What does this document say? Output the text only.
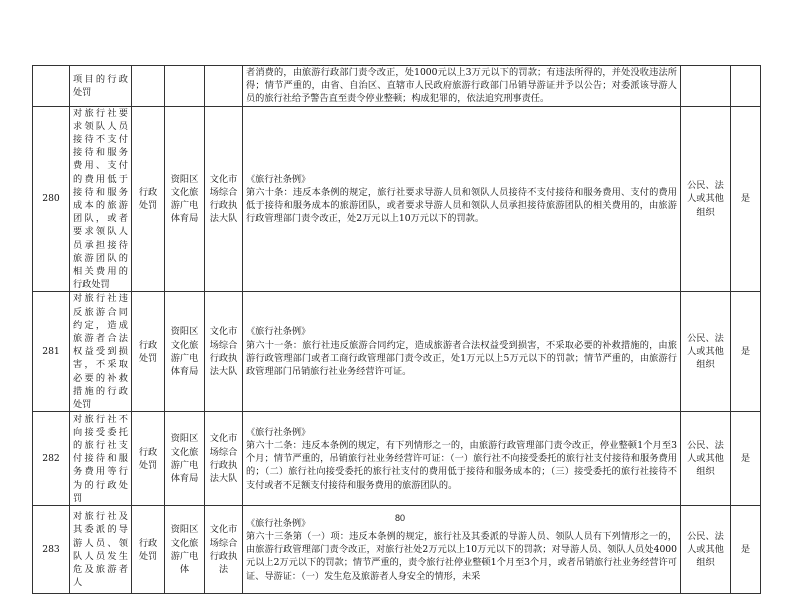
	项目的行政处罚				者消费的，由旅游行政部门责令改正，处1000元以上3万元以下的罚款；有违法所得的，并处没收违法所得；情节严重的，由省、自治区、直辖市人民政府旅游行政部门吊销导游证并予以公告；对委派该导游人员的旅行社给予警告直至责令停业整顿；构成犯罪的，依法追究刑事责任。		

280	对旅行社要求领队人员接待不支付接待和服务费用、支付的费用低于接待和服务成本的旅游团队，或者要求领队人员承担接待旅游团队的相关费用的行政处罚	行政处罚	资阳区文化旅游广电体育局	文化市场综合行政执法大队	《旅行社条例》
第六十条：违反本条例的规定，旅行社要求导游人员和领队人员接待不支付接待和服务费用、支付的费用低于接待和服务成本的旅游团队，或者要求导游人员和领队人员承担接待旅游团队的相关费用的，由旅游行政管理部门责令改正，处2万元以上10万元以下的罚款。	公民、法人或其他组织	是
281	对旅行社违反旅游合同约定，造成旅游者合法权益受到损害，不采取必要的补救措施的行政处罚	行政处罚	资阳区文化旅游广电体育局	文化市场综合行政执法大队	《旅行社条例》
第六十一条：旅行社违反旅游合同约定，造成旅游者合法权益受到损害，不采取必要的补救措施的，由旅游行政管理部门或者工商行政管理部门责令改正，处1万元以上5万元以下的罚款；情节严重的，由旅游行政管理部门吊销旅行社业务经营许可证。	公民、法人或其他组织	是
282	对旅行社不向接受委托的旅行社支付接待和服务费用等行为的行政处罚	行政处罚	资阳区文化旅游广电体育局	文化市场综合行政执法大队	《旅行社条例》
第六十二条：违反本条例的规定，有下列情形之一的，由旅游行政管理部门责令改正，停业整顿1个月至3个月；情节严重的，吊销旅行社业务经营许可证：（一）旅行社不向接受委托的旅行社支付接待和服务费用的；（二）旅行社向接受委托的旅行社支付的费用低于接待和服务成本的；（三）接受委托的旅行社接待不支付或者不足额支付接待和服务费用的旅游团队的。	公民、法人或其他组织	是
283	对旅行社及其委派的导游人员、领队人员发生危及旅游者人	行政处罚	资阳区文化旅游广电体	文化市场综合行政执法	《旅行社条例》
第六十三条第（一）项：违反本条例的规定，旅行社及其委派的导游人员、领队人员有下列情形之一的，由旅游行政管理部门责令改正，对旅行社处2万元以上10万元以下的罚款；对导游人员、领队人员处4000元以上2万元以下的罚款；情节严重的，责令旅行社停业整顿1个月至3个月，或者吊销旅行社业务经营许可证、导游证：（一）发生危及旅游者人身安全的情形，未采	公民、法人或其他组织	是
80
